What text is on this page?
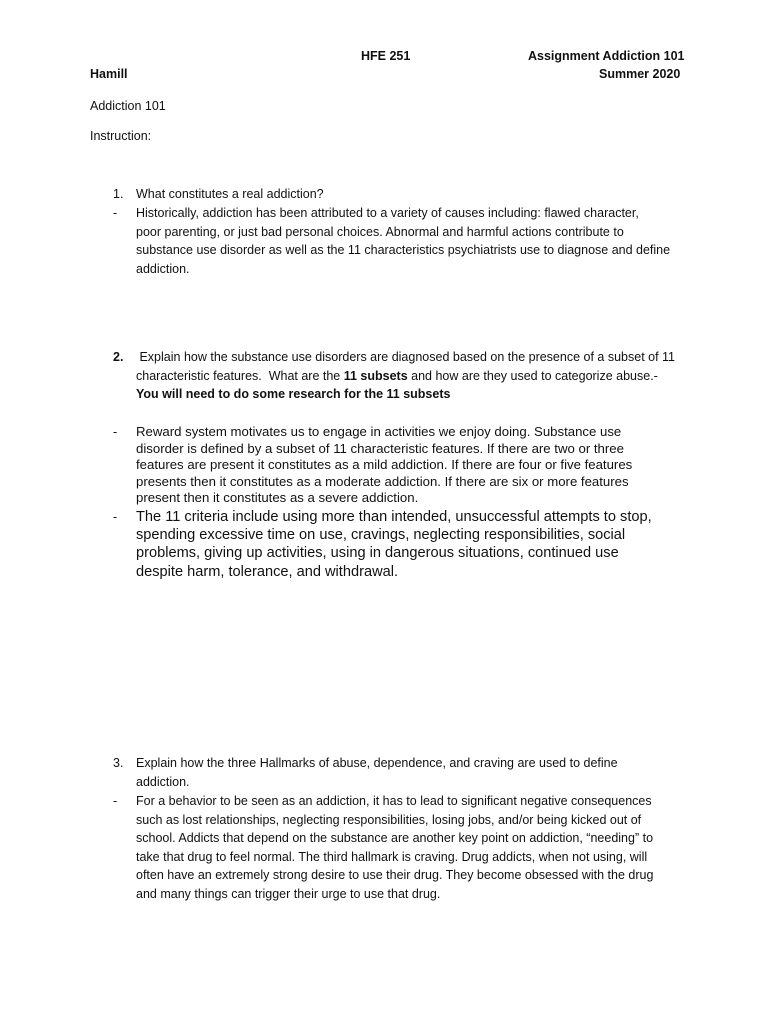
HFE 251	Assignment Addiction 101
Hamill	Summer 2020
Addiction 101
Instruction:
1. What constitutes a real addiction?
- Historically, addiction has been attributed to a variety of causes including: flawed character,
poor parenting, or just bad personal choices. Abnormal and harmful actions contribute to
substance use disorder as well as the 11 characteristics psychiatrists use to diagnose and define
addiction.
2. Explain how the substance use disorders are diagnosed based on the presence of a subset of 11
characteristic features.  What are the 11 subsets and how are they used to categorize abuse.-
You will need to do some research for the 11 subsets
- Reward system motivates us to engage in activities we enjoy doing. Substance use
disorder is defined by a subset of 11 characteristic features. If there are two or three
features are present it constitutes as a mild addiction. If there are four or five features
presents then it constitutes as a moderate addiction. If there are six or more features
present then it constitutes as a severe addiction.
- The 11 criteria include using more than intended, unsuccessful attempts to stop,
spending excessive time on use, cravings, neglecting responsibilities, social
problems, giving up activities, using in dangerous situations, continued use
despite harm, tolerance, and withdrawal.
3. Explain how the three Hallmarks of abuse, dependence, and craving are used to define
addiction.
- For a behavior to be seen as an addiction, it has to lead to significant negative consequences
such as lost relationships, neglecting responsibilities, losing jobs, and/or being kicked out of
school. Addicts that depend on the substance are another key point on addiction, “needing” to
take that drug to feel normal. The third hallmark is craving. Drug addicts, when not using, will
often have an extremely strong desire to use their drug. They become obsessed with the drug
and many things can trigger their urge to use that drug.
